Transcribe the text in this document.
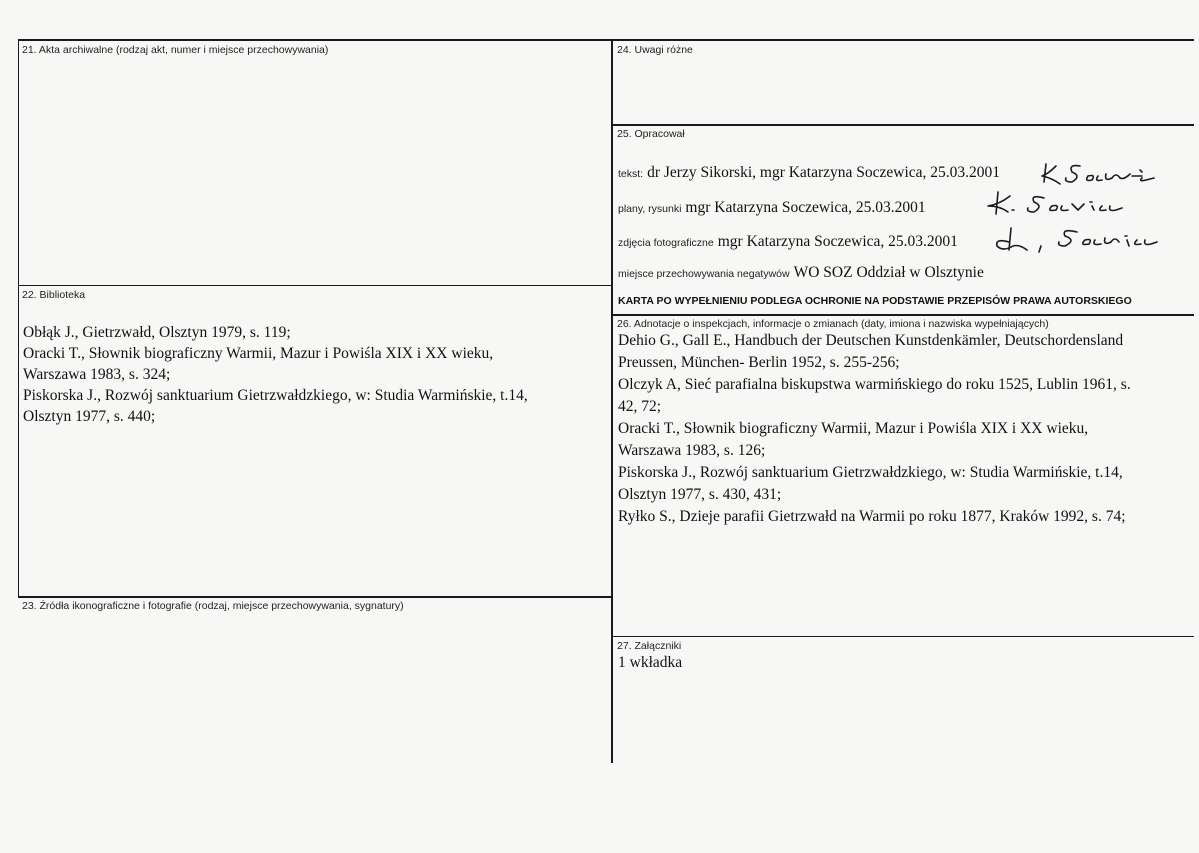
21. Akta archiwalne (rodzaj akt, numer i miejsce przechowywania)
22. Biblioteka
Obłąk J., Gietrzwałd, Olsztyn 1979, s. 119;
Oracki T., Słownik biograficzny Warmii, Mazur i Powiśla XIX i XX wieku,
Warszawa 1983, s. 324;
Piskorska J., Rozwój sanktuarium Gietrzwałdzkiego, w: Studia Warmińskie, t.14,
Olsztyn 1977, s. 440;
23. Źródła ikonograficzne i fotografie (rodzaj, miejsce przechowywania, sygnatury)
24. Uwagi różne
25. Opracował
tekst: dr Jerzy Sikorski, mgr Katarzyna Soczewica, 25.03.2001
plany, rysunki mgr Katarzyna Soczewica, 25.03.2001
zdjęcia fotograficzne mgr Katarzyna Soczewica, 25.03.2001
miejsce przechowywania negatywów WO SOZ Oddział w Olsztynie
KARTA PO WYPEŁNIENIU PODLEGA OCHRONIE NA PODSTAWIE PRZEPISÓW PRAWA AUTORSKIEGO
26. Adnotacje o inspekcjach, informacje o zmianach (daty, imiona i nazwiska wypełniających)
Dehio G., Gall E., Handbuch der Deutschen Kunstdenkämler, Deutschordensland
Preussen, München- Berlin 1952, s. 255-256;
Olczyk A, Sieć parafialna biskupstwa warmińskiego do roku 1525, Lublin 1961, s.
42, 72;
Oracki T., Słownik biograficzny Warmii, Mazur i Powiśla XIX i XX wieku,
Warszawa 1983, s. 126;
Piskorska J., Rozwój sanktuarium Gietrzwałdzkiego, w: Studia Warmińskie, t.14,
Olsztyn 1977, s. 430, 431;
Ryłko S., Dzieje parafii Gietrzwałd na Warmii po roku 1877, Kraków 1992, s. 74;
27. Załączniki
1 wkładka
